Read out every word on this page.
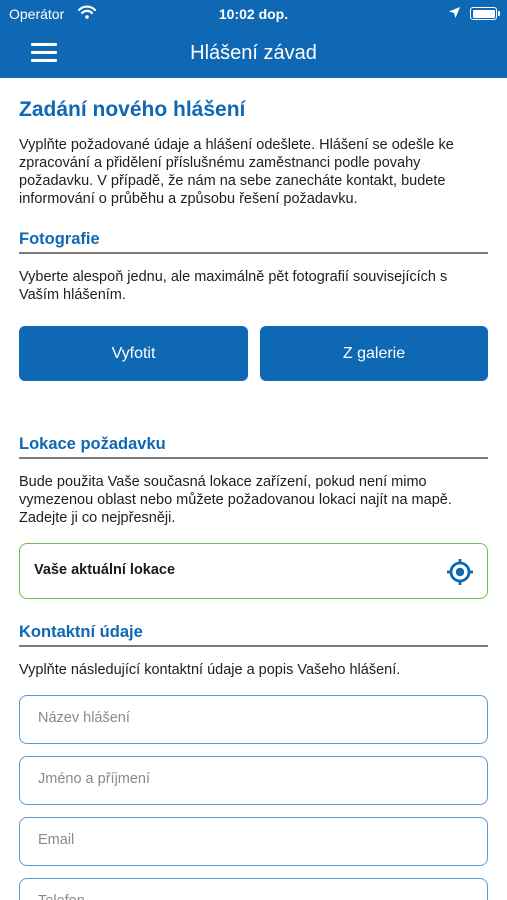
Operátor	10:02 dop.
Hlášení závad
Zadání nového hlášení
Vyplňte požadované údaje a hlášení odešlete. Hlášení se odešle ke zpracování a přidělení příslušnému zaměstnanci podle povahy požadavku. V případě, že nám na sebe zanecháte kontakt, budete informování o průběhu a způsobu řešení požadavku.
Fotografie
Vyberte alespoň jednu, ale maximálně pět fotografií souvisejících s Vaším hlášením.
Vyfotit	Z galerie
Lokace požadavku
Bude použita Vaše současná lokace zařízení, pokud není mimo vymezenou oblast nebo můžete požadovanou lokaci najít na mapě. Zadejte ji co nejpřesněji.
Vaše aktuální lokace
Kontaktní údaje
Vyplňte následující kontaktní údaje a popis Vašeho hlášení.
Název hlášení
Jméno a příjmení
Email
Telefon
